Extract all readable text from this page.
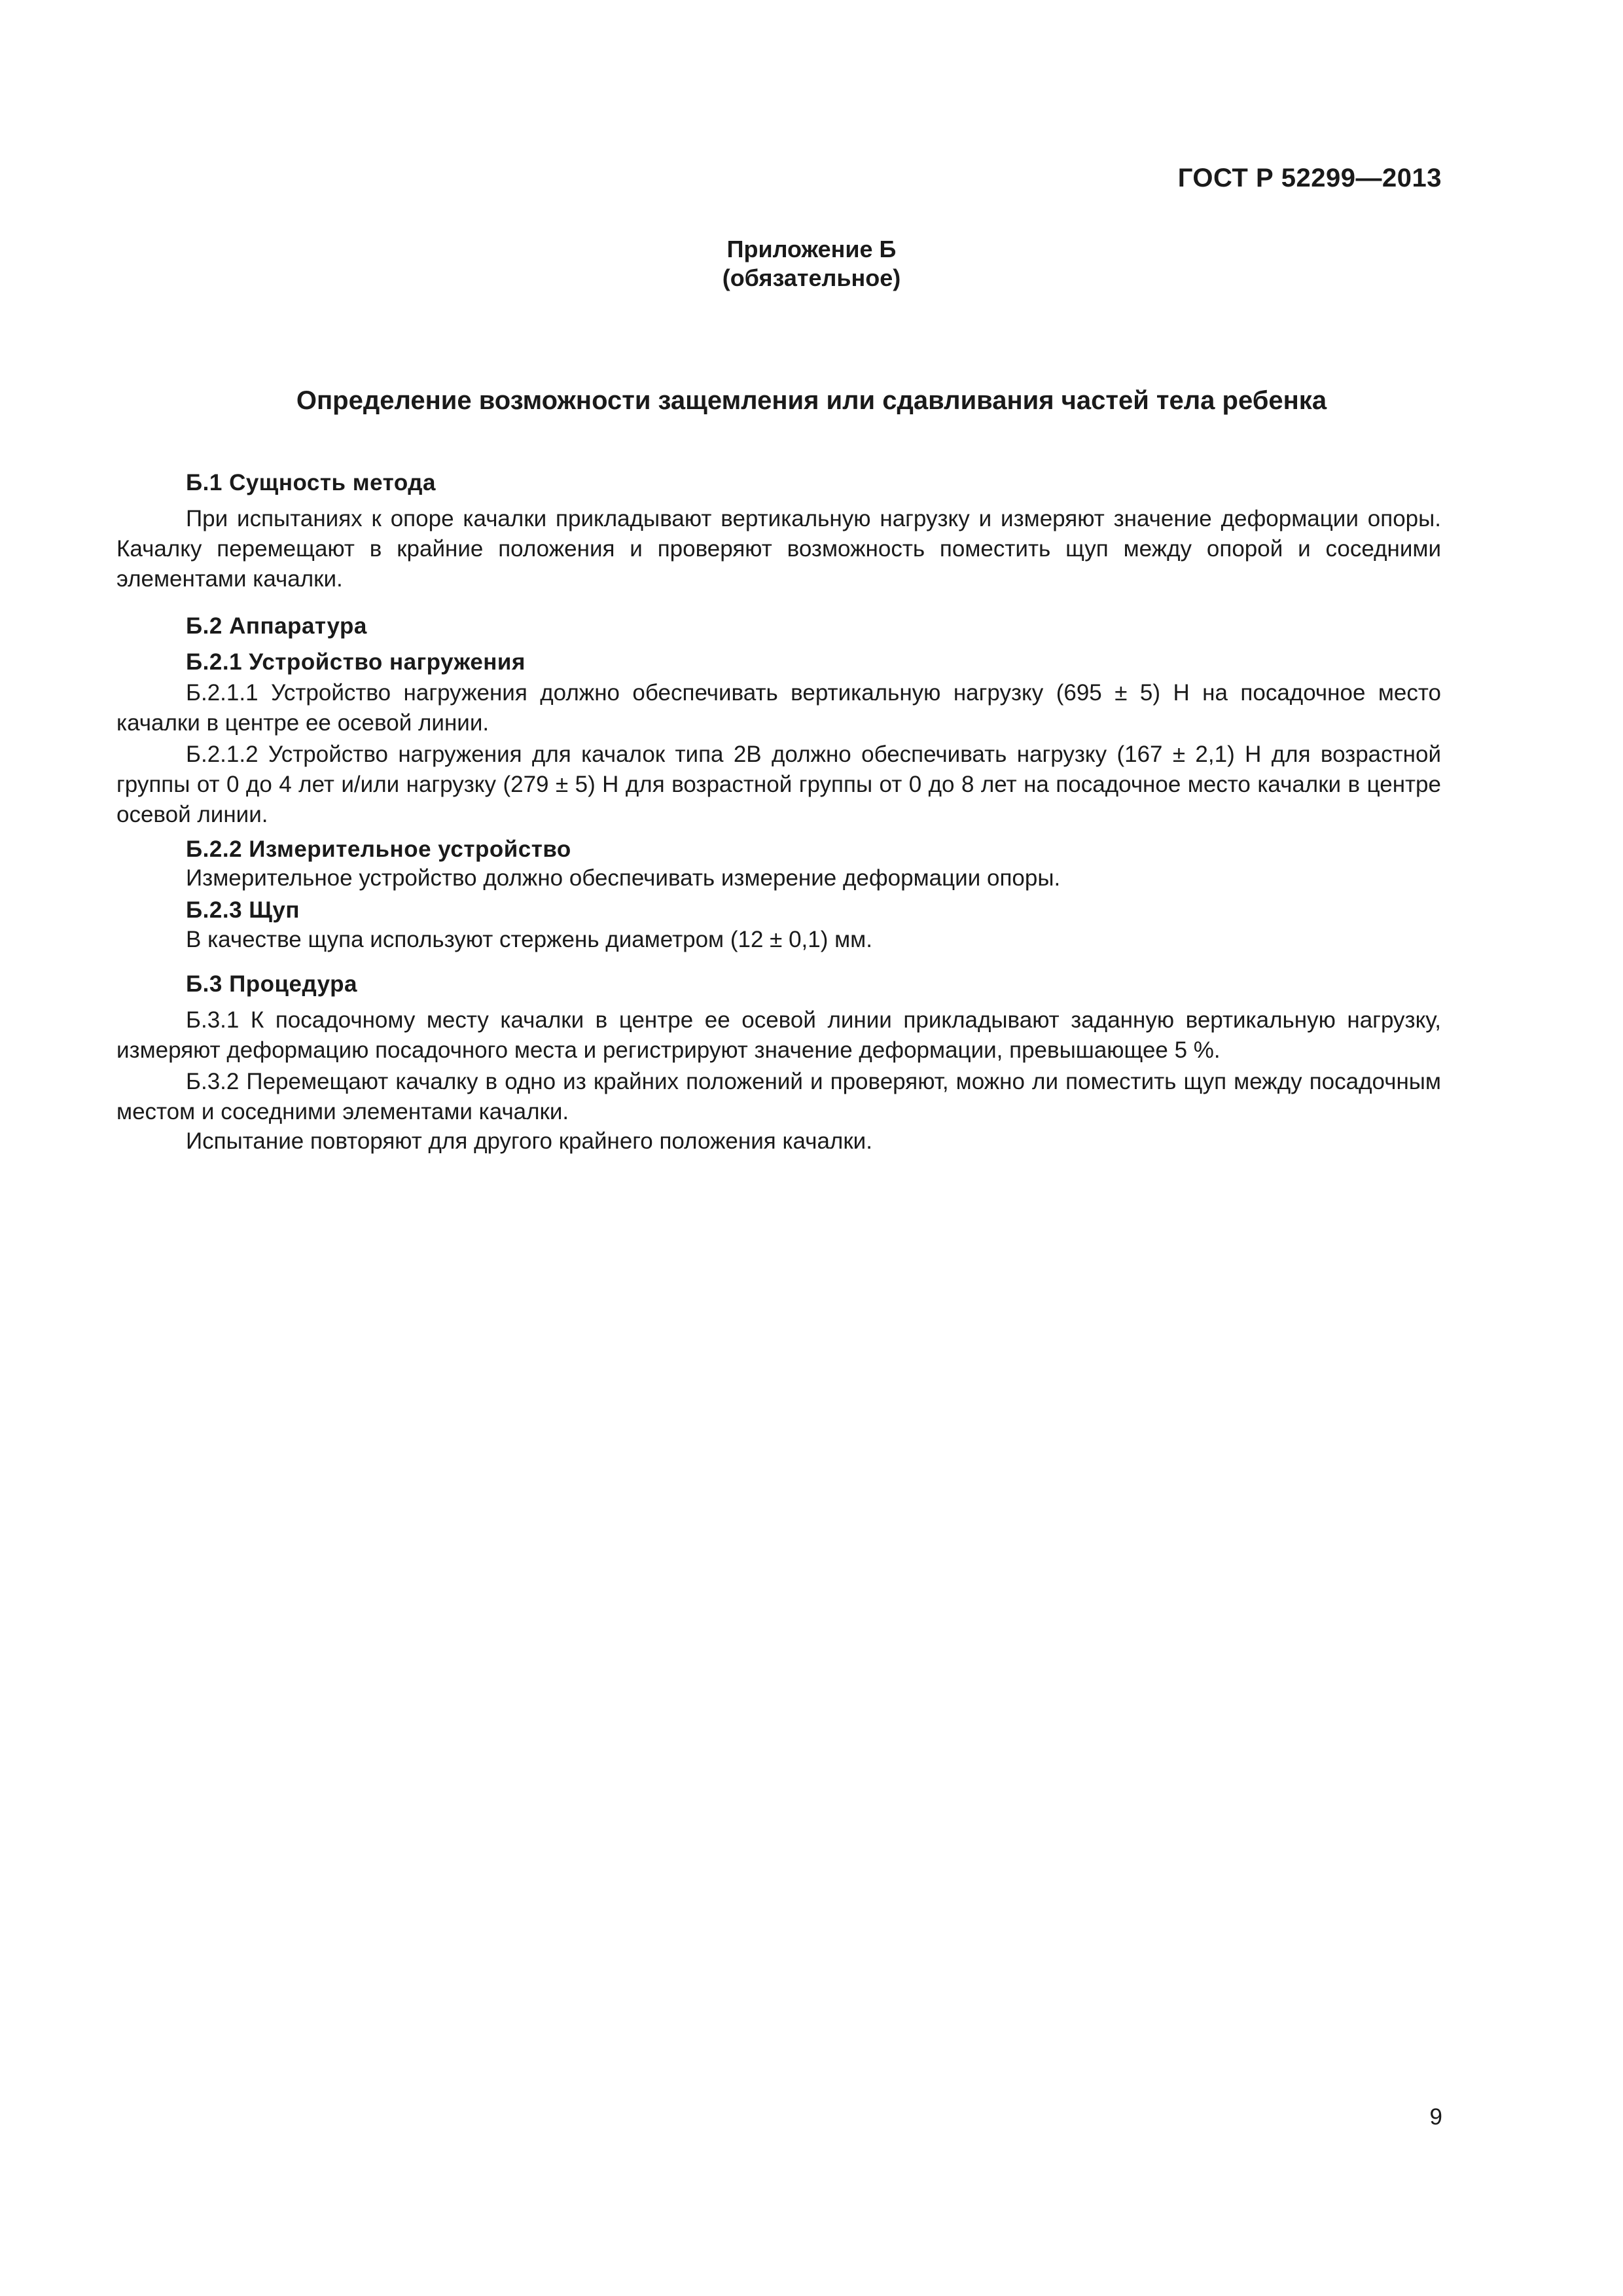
ГОСТ Р 52299—2013
Приложение Б
(обязательное)
Определение возможности защемления или сдавливания частей тела ребенка
Б.1 Сущность метода
При испытаниях к опоре качалки прикладывают вертикальную нагрузку и измеряют значение деформации опоры. Качалку перемещают в крайние положения и проверяют возможность поместить щуп между опорой и соседними элементами качалки.
Б.2 Аппаратура
Б.2.1 Устройство нагружения
Б.2.1.1 Устройство нагружения должно обеспечивать вертикальную нагрузку (695 ± 5) Н на посадочное место качалки в центре ее осевой линии.
Б.2.1.2 Устройство нагружения для качалок типа 2В должно обеспечивать нагрузку (167 ± 2,1) Н для возрастной группы от 0 до 4 лет и/или нагрузку (279 ± 5) Н для возрастной группы от 0 до 8 лет на посадочное место качалки в центре осевой линии.
Б.2.2 Измерительное устройство
Измерительное устройство должно обеспечивать измерение деформации опоры.
Б.2.3 Щуп
В качестве щупа используют стержень диаметром (12 ± 0,1) мм.
Б.3 Процедура
Б.3.1 К посадочному месту качалки в центре ее осевой линии прикладывают заданную вертикальную нагрузку, измеряют деформацию посадочного места и регистрируют значение деформации, превышающее 5 %.
Б.3.2 Перемещают качалку в одно из крайних положений и проверяют, можно ли поместить щуп между посадочным местом и соседними элементами качалки.
Испытание повторяют для другого крайнего положения качалки.
9
